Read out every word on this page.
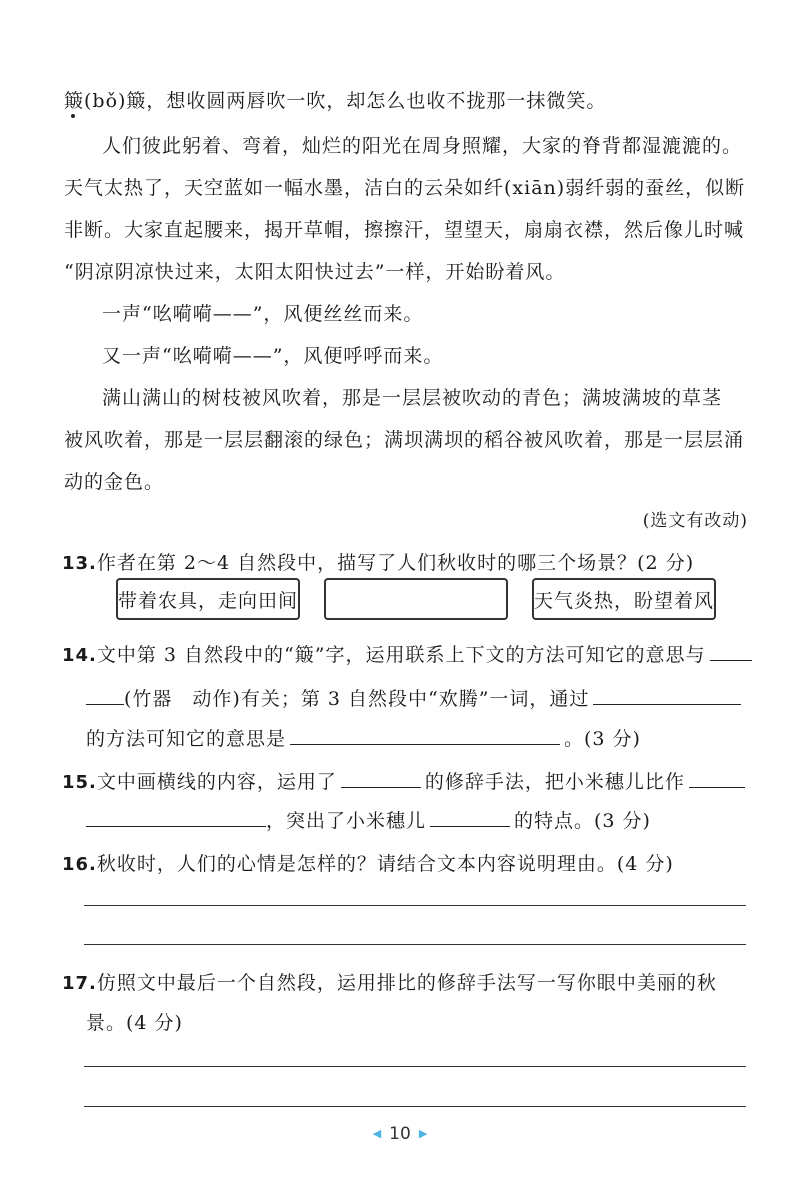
簸(bǒ)簸，想收圆两唇吹一吹，却怎么也收不拢那一抹微笑。
人们彼此躬着、弯着，灿烂的阳光在周身照耀，大家的脊背都湿漉漉的。
天气太热了，天空蓝如一幅水墨，洁白的云朵如纤(xiān)弱纤弱的蚕丝，似断
非断。大家直起腰来，揭开草帽，擦擦汗，望望天，扇扇衣襟，然后像儿时喊
“阴凉阴凉快过来，太阳太阳快过去”一样，开始盼着风。
一声“吆嗬嗬——”，风便丝丝而来。
又一声“吆嗬嗬——”，风便呼呼而来。
满山满山的树枝被风吹着，那是一层层被吹动的青色；满坡满坡的草茎
被风吹着，那是一层层翻滚的绿色；满坝满坝的稻谷被风吹着，那是一层层涌
动的金色。
(选文有改动)
13.作者在第 2～4 自然段中，描写了人们秋收时的哪三个场景？(2 分)
带着农具，走向田间	天气炎热，盼望着风
14.文中第 3 自然段中的“簸”字，运用联系上下文的方法可知它的意思与
(竹器　动作)有关；第 3 自然段中“欢腾”一词，通过
的方法可知它的意思是	。(3 分)
15.文中画横线的内容，运用了	的修辞手法，把小米穗儿比作
，突出了小米穗儿	的特点。(3 分)
16.秋收时，人们的心情是怎样的？请结合文本内容说明理由。(4 分)
17.仿照文中最后一个自然段，运用排比的修辞手法写一写你眼中美丽的秋
景。(4 分)
◀ 10 ▶
